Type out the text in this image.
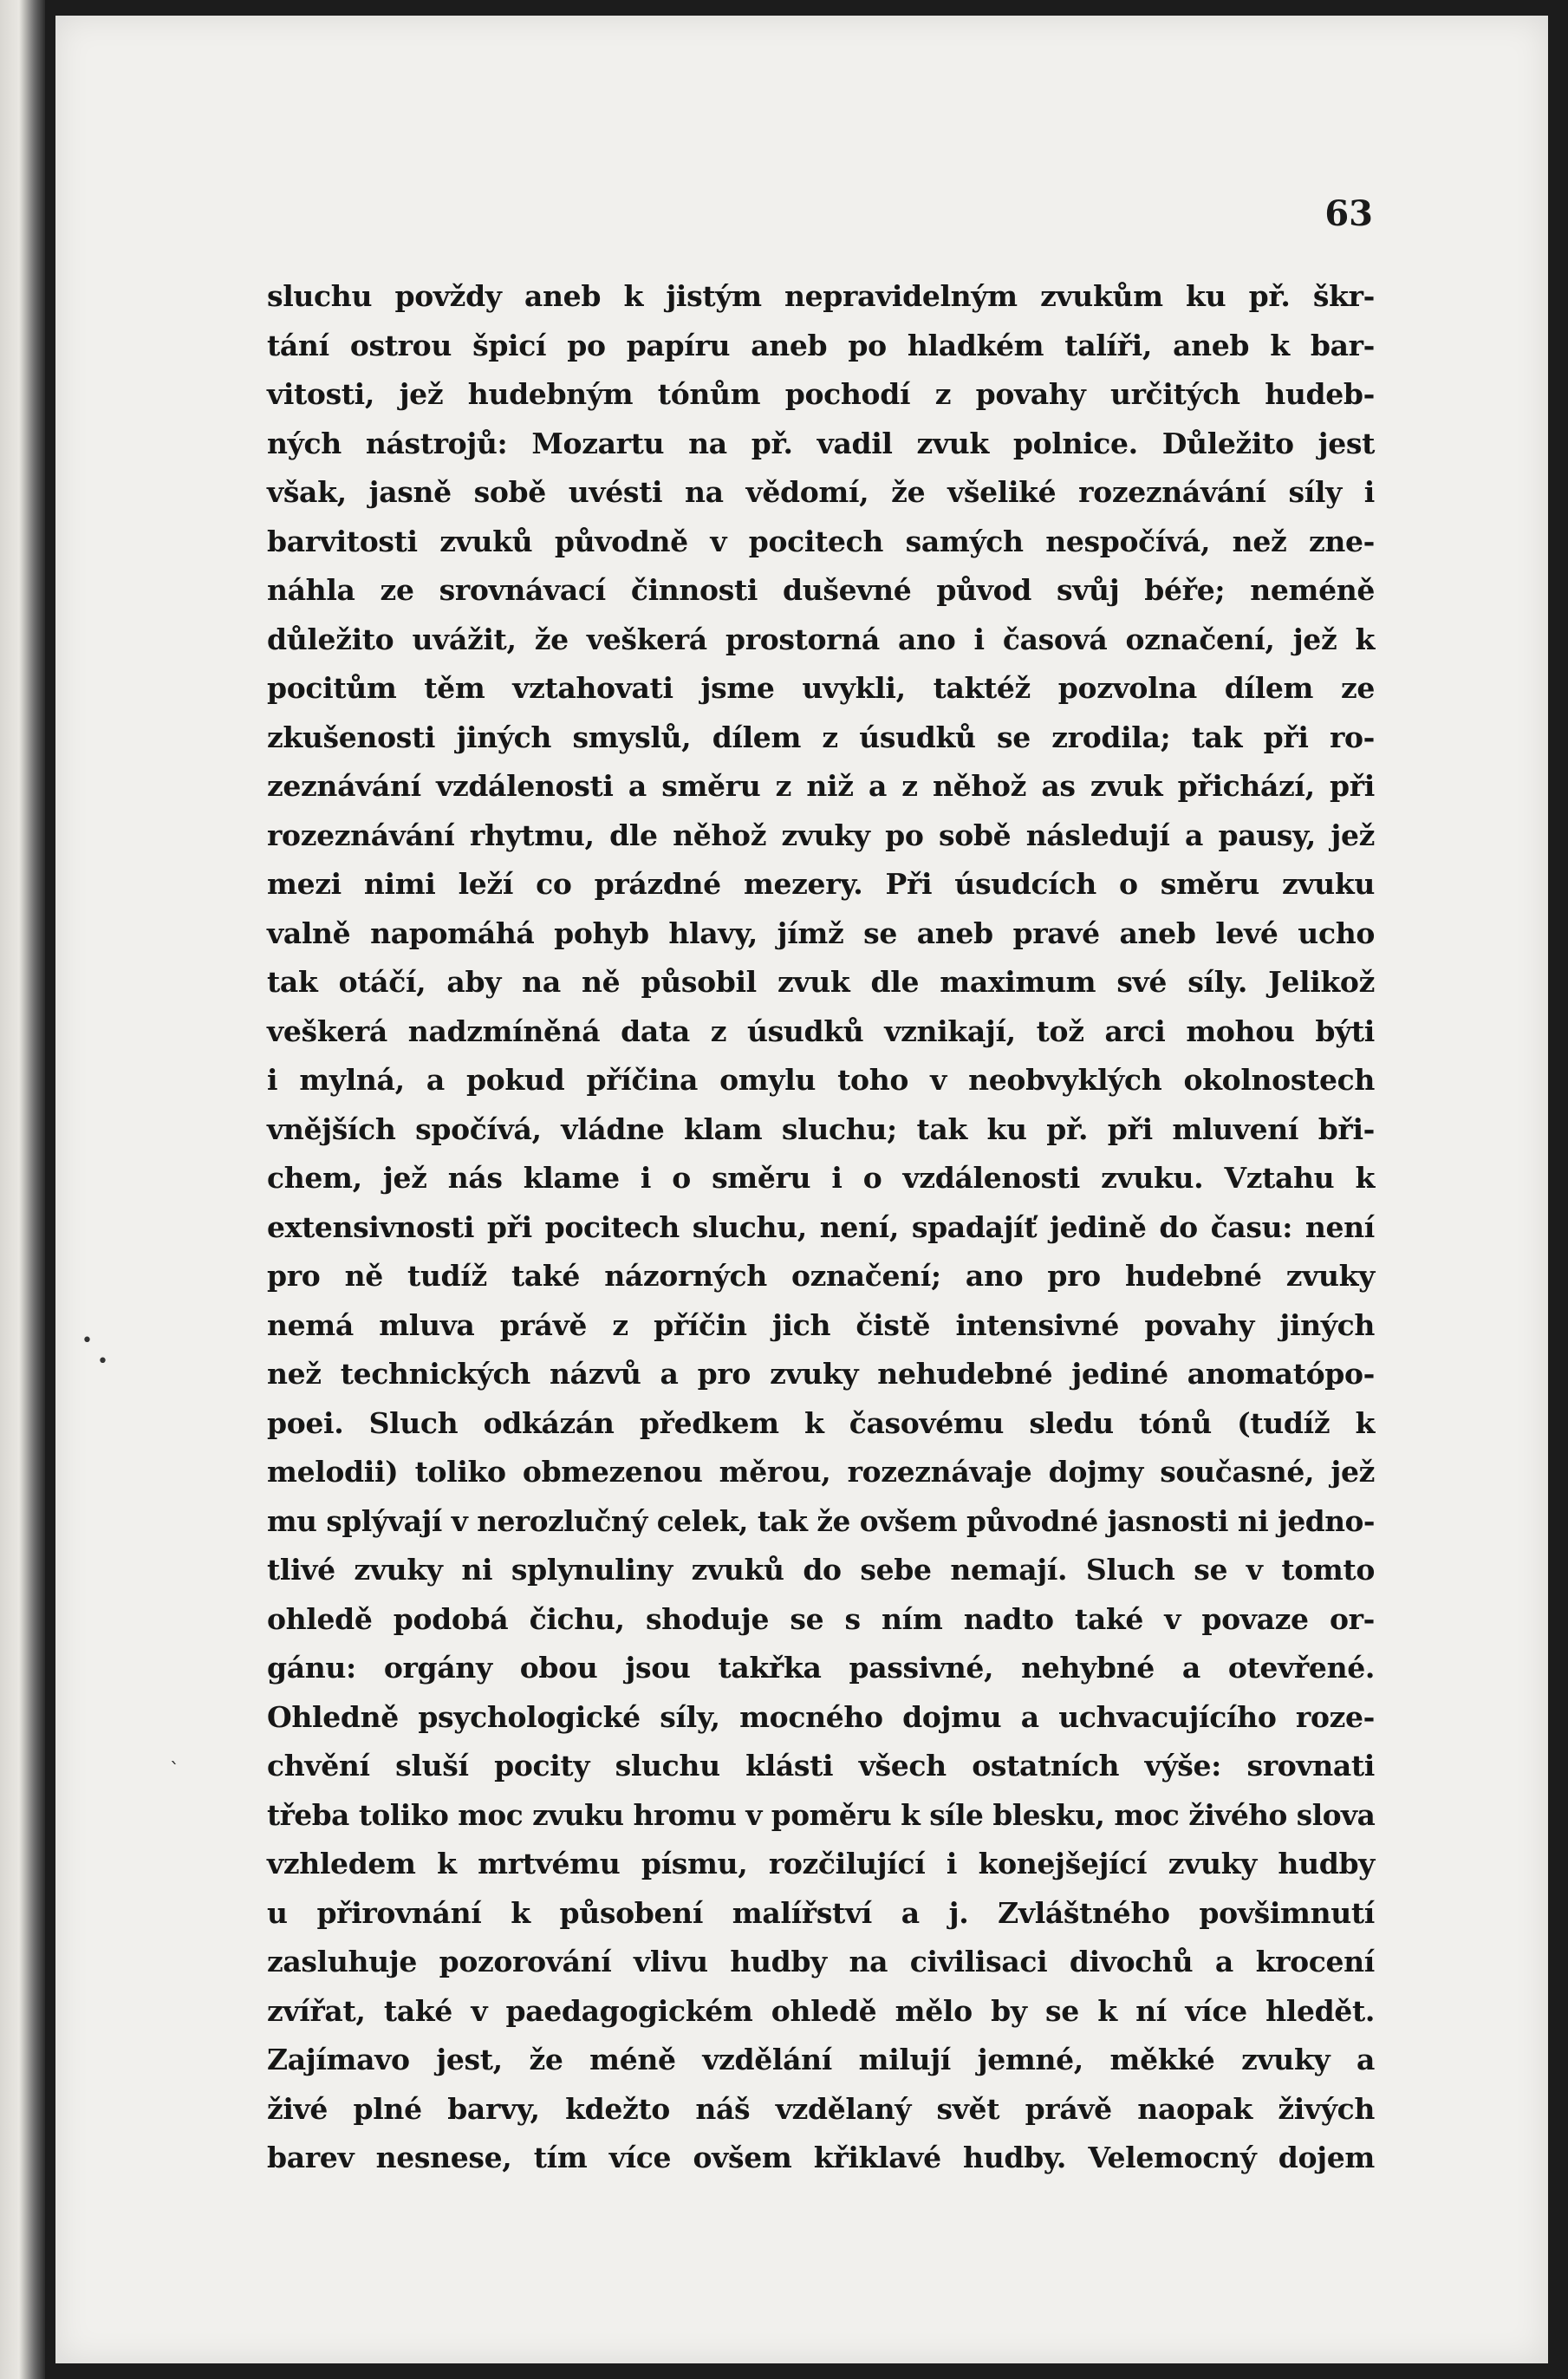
63
sluchu povždy aneb k jistým nepravidelným zvukům ku př. škr-
tání ostrou špicí po papíru aneb po hladkém talíři, aneb k bar-
vitosti, jež hudebným tónům pochodí z povahy určitých hudeb-
ných nástrojů: Mozartu na př. vadil zvuk polnice. Důležito jest
však, jasně sobě uvésti na vědomí, že všeliké rozeznávání síly i
barvitosti zvuků původně v pocitech samých nespočívá, než zne-
náhla ze srovnávací činnosti duševné původ svůj béře; neméně
důležito uvážit, že veškerá prostorná ano i časová označení, jež k
pocitům těm vztahovati jsme uvykli, taktéž pozvolna dílem ze
zkušenosti jiných smyslů, dílem z úsudků se zrodila; tak při ro-
zeznávání vzdálenosti a směru z niž a z něhož as zvuk přichází, při
rozeznávání rhytmu, dle něhož zvuky po sobě následují a pausy, jež
mezi nimi leží co prázdné mezery. Při úsudcích o směru zvuku
valně napomáhá pohyb hlavy, jímž se aneb pravé aneb levé ucho
tak otáčí, aby na ně působil zvuk dle maximum své síly. Jelikož
veškerá nadzmíněná data z úsudků vznikají, tož arci mohou býti
i mylná, a pokud příčina omylu toho v neobvyklých okolnostech
vnějších spočívá, vládne klam sluchu; tak ku př. při mluvení bři-
chem, jež nás klame i o směru i o vzdálenosti zvuku. Vztahu k
extensivnosti při pocitech sluchu, není, spadajíť jedině do času: není
pro ně tudíž také názorných označení; ano pro hudebné zvuky
nemá mluva právě z příčin jich čistě intensivné povahy jiných
než technických názvů a pro zvuky nehudebné jediné anomatópo-
poei. Sluch odkázán předkem k časovému sledu tónů (tudíž k
melodii) toliko obmezenou měrou, rozeznávaje dojmy současné, jež
mu splývají v nerozlučný celek, tak že ovšem původné jasnosti ni jedno-
tlivé zvuky ni splynuliny zvuků do sebe nemají. Sluch se v tomto
ohledě podobá čichu, shoduje se s ním nadto také v povaze or-
gánu: orgány obou jsou takřka passivné, nehybné a otevřené.
Ohledně psychologické síly, mocného dojmu a uchvacujícího roze-
chvění sluší pocity sluchu klásti všech ostatních výše: srovnati
třeba toliko moc zvuku hromu v poměru k síle blesku, moc živého slova
vzhledem k mrtvému písmu, rozčilující i konejšející zvuky hudby
u přirovnání k působení malířství a j. Zvláštného povšimnutí
zasluhuje pozorování vlivu hudby na civilisaci divochů a krocení
zvířat, také v paedagogickém ohledě mělo by se k ní více hledět.
Zajímavo jest, že méně vzdělání milují jemné, měkké zvuky a
živé plné barvy, kdežto náš vzdělaný svět právě naopak živých
barev nesnese, tím více ovšem křiklavé hudby. Velemocný dojem
•
•
ˋ
